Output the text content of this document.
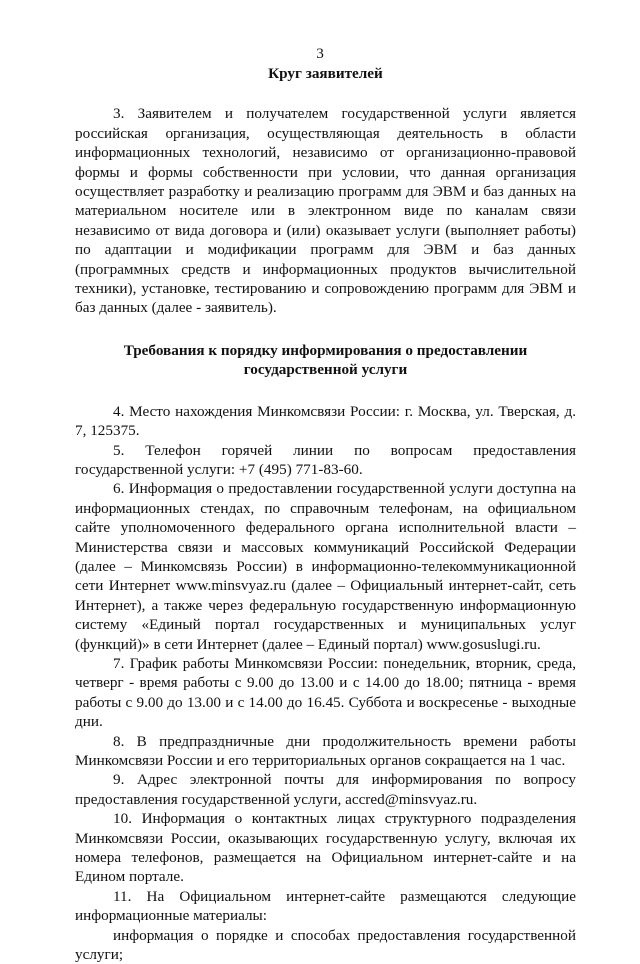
3
Круг заявителей

3. Заявителем и получателем государственной услуги является российская организация, осуществляющая деятельность в области информационных технологий, независимо от организационно-правовой формы и формы собственности при условии, что данная организация осуществляет разработку и реализацию программ для ЭВМ и баз данных на материальном носителе или в электронном виде по каналам связи независимо от вида договора и (или) оказывает услуги (выполняет работы) по адаптации и модификации программ для ЭВМ и баз данных (программных средств и информационных продуктов вычислительной техники), установке, тестированию и сопровождению программ для ЭВМ и баз данных (далее - заявитель).

Требования к порядку информирования о предоставлении
государственной услуги

4. Место нахождения Минкомсвязи России: г. Москва, ул. Тверская, д. 7, 125375.

5. Телефон горячей линии по вопросам предоставления государственной услуги: +7 (495) 771-83-60.

6. Информация о предоставлении государственной услуги доступна на информационных стендах, по справочным телефонам, на официальном сайте уполномоченного федерального органа исполнительной власти – Министерства связи и массовых коммуникаций Российской Федерации (далее – Минкомсвязь России) в информационно-телекоммуникационной сети Интернет www.minsvyaz.ru (далее – Официальный интернет-сайт, сеть Интернет), а также через федеральную государственную информационную систему «Единый портал государственных и муниципальных услуг (функций)» в сети Интернет (далее – Единый портал) www.gosuslugi.ru.

7. График работы Минкомсвязи России: понедельник, вторник, среда, четверг - время работы с 9.00 до 13.00 и с 14.00 до 18.00; пятница - время работы с 9.00 до 13.00 и с 14.00 до 16.45. Суббота и воскресенье - выходные дни.

8. В предпраздничные дни продолжительность времени работы Минкомсвязи России и его территориальных органов сокращается на 1 час.

9. Адрес электронной почты для информирования по вопросу предоставления государственной услуги, accred@minsvyaz.ru.

10. Информация о контактных лицах структурного подразделения Минкомсвязи России, оказывающих государственную услугу, включая их номера телефонов, размещается на Официальном интернет-сайте и на Едином портале.

11. На Официальном интернет-сайте размещаются следующие информационные материалы:

информация о порядке и способах предоставления государственной услуги;
